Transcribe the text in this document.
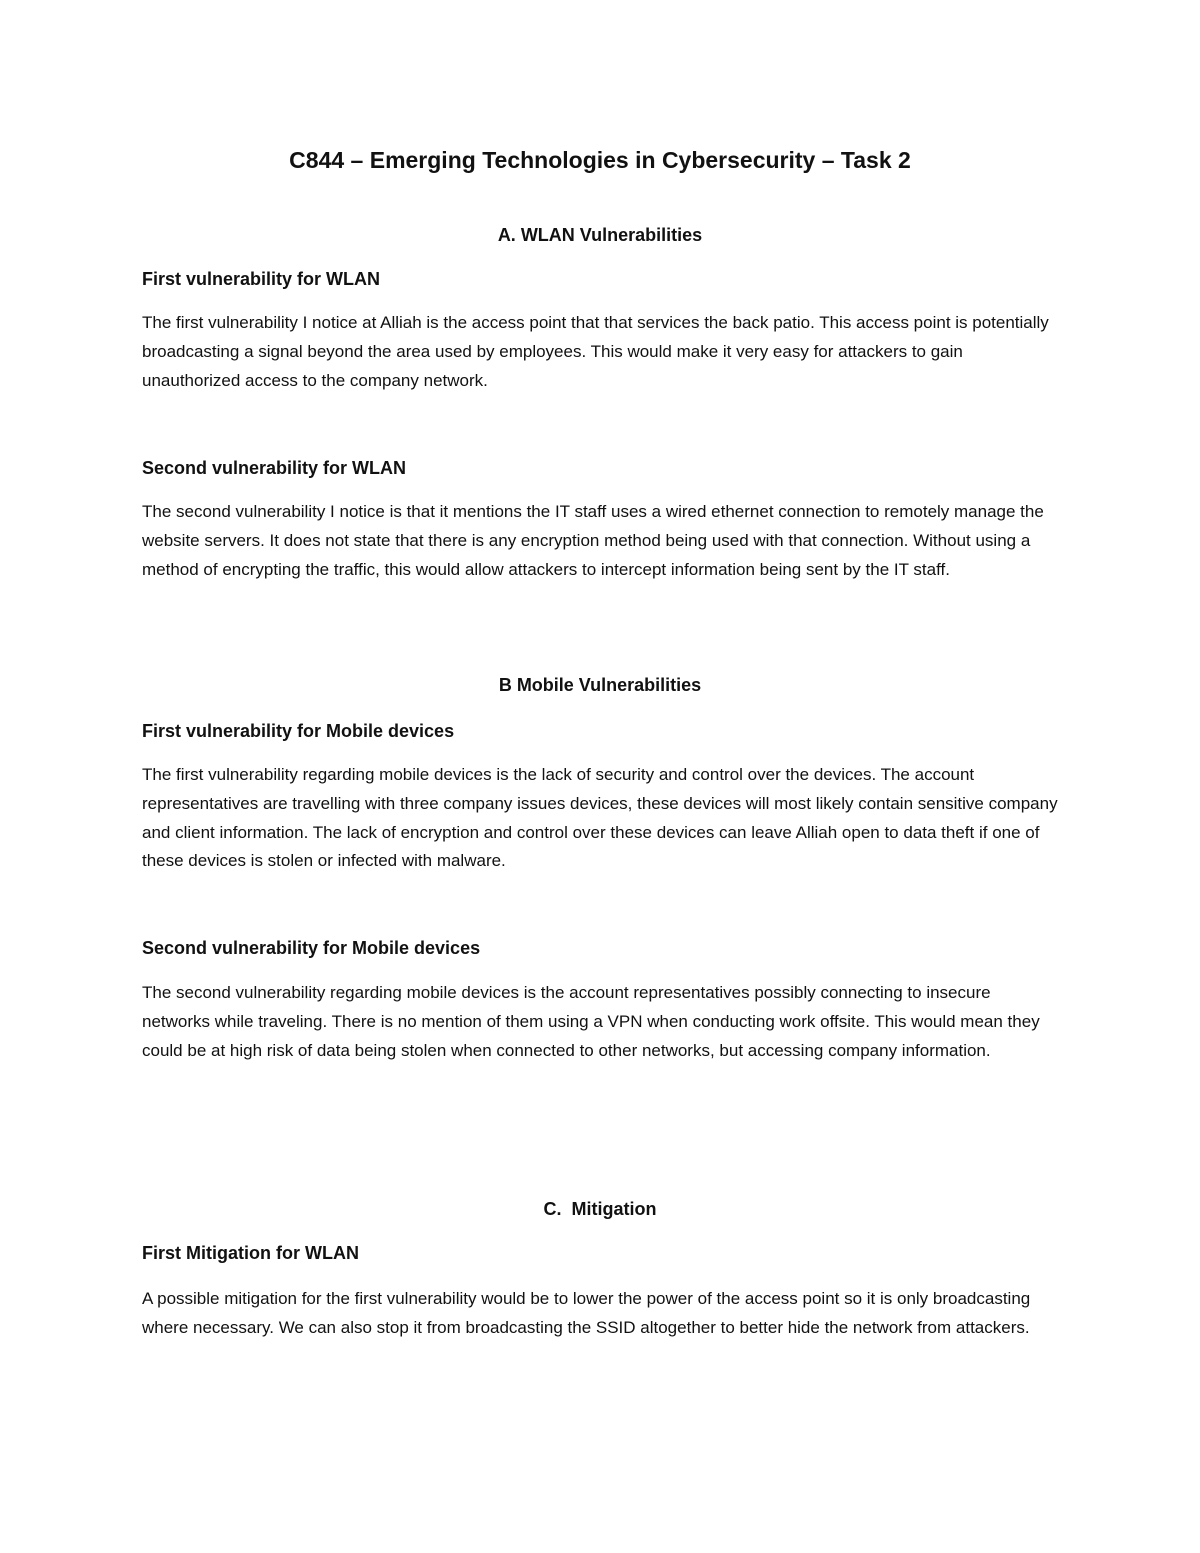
C844 – Emerging Technologies in Cybersecurity – Task 2
A. WLAN Vulnerabilities
First vulnerability for WLAN

The first vulnerability I notice at Alliah is the access point that that services the back patio. This access point is potentially broadcasting a signal beyond the area used by employees. This would make it very easy for attackers to gain unauthorized access to the company network.

Second vulnerability for WLAN

The second vulnerability I notice is that it mentions the IT staff uses a wired ethernet connection to remotely manage the website servers. It does not state that there is any encryption method being used with that connection. Without using a method of encrypting the traffic, this would allow attackers to intercept information being sent by the IT staff.

B Mobile Vulnerabilities
First vulnerability for Mobile devices

The first vulnerability regarding mobile devices is the lack of security and control over the devices. The account representatives are travelling with three company issues devices, these devices will most likely contain sensitive company and client information. The lack of encryption and control over these devices can leave Alliah open to data theft if one of these devices is stolen or infected with malware.

Second vulnerability for Mobile devices

The second vulnerability regarding mobile devices is the account representatives possibly connecting to insecure networks while traveling. There is no mention of them using a VPN when conducting work offsite. This would mean they could be at high risk of data being stolen when connected to other networks, but accessing company information.

C.  Mitigation
First Mitigation for WLAN

A possible mitigation for the first vulnerability would be to lower the power of the access point so it is only broadcasting where necessary. We can also stop it from broadcasting the SSID altogether to better hide the network from attackers.
